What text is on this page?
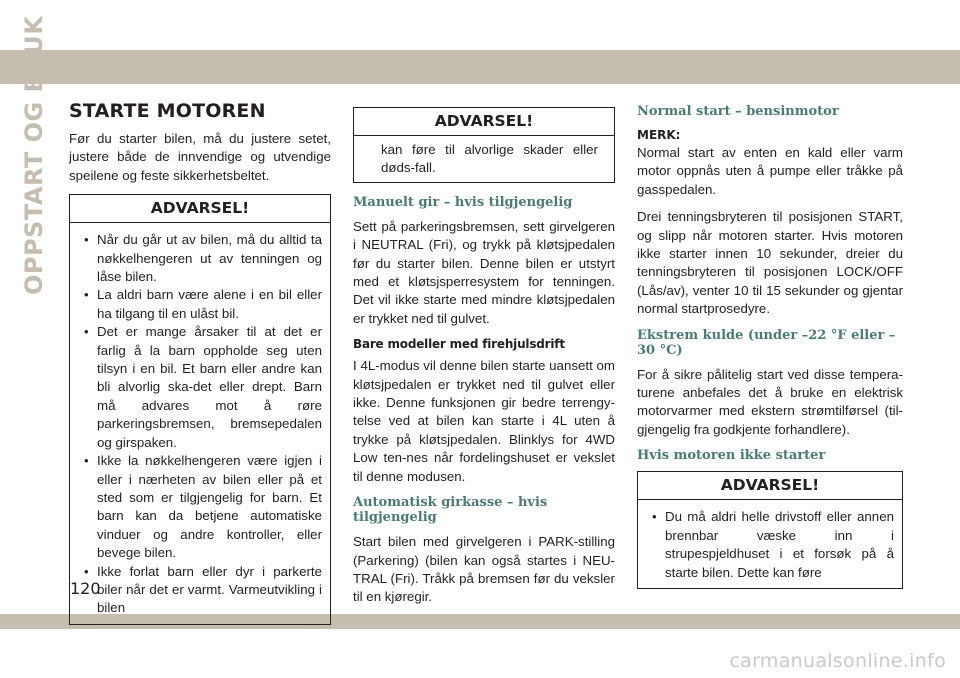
OPPSTART OG BRUK STARTE MOTOREN

Før du starter bilen, må du justere setet, justere både de innvendige og utvendige speilene og feste sikkerhetsbeltet.

ADVARSEL!
• Når du går ut av bilen, må du alltid ta nøkkelhengeren ut av tenningen og låse bilen.
• La aldri barn være alene i en bil eller ha tilgang til en ulåst bil.
• Det er mange årsaker til at det er farlig å la barn oppholde seg uten tilsyn i en bil. Et barn eller andre kan bli alvorlig ska-det eller drept. Barn må advares mot å røre parkeringsbremsen, bremsepedalen og girspaken.
• Ikke la nøkkelhengeren være igjen i eller i nærheten av bilen eller på et sted som er tilgjengelig for barn. Et barn kan da betjene automatiske vinduer og andre kontroller, eller bevege bilen.
• Ikke forlat barn eller dyr i parkerte biler når det er varmt. Varmeutvikling i bilen
ADVARSEL!

kan føre til alvorlige skader eller døds-fall.

Manuelt gir – hvis tilgjengelig

Sett på parkeringsbremsen, sett girvelgeren i NEUTRAL (Fri), og trykk på kløtsjpedalen før du starter bilen. Denne bilen er utstyrt med et kløtsjsperresystem for tenningen. Det vil ikke starte med mindre kløtsjpedalen er trykket ned til gulvet.

Bare modeller med firehjulsdrift

I 4L-modus vil denne bilen starte uansett om kløtsjpedalen er trykket ned til gulvet eller ikke. Denne funksjonen gir bedre terrengy-telse ved at bilen kan starte i 4L uten å trykke på kløtsjpedalen. Blinklys for 4WD Low ten-nes når fordelingshuset er vekslet til denne modusen.

Automatisk girkasse – hvis tilgjengelig

Start bilen med girvelgeren i PARK-stilling (Parkering) (bilen kan også startes i NEU-TRAL (Fri). Tråkk på bremsen før du veksler til en kjøregir.

Normal start – bensinmotor
MERK:

Normal start av enten en kald eller varm motor oppnås uten å pumpe eller tråkke på gasspedalen.

Drei tenningsbryteren til posisjonen START, og slipp når motoren starter. Hvis motoren ikke starter innen 10 sekunder, dreier du tenningsbryteren til posisjonen LOCK/OFF (Lås/av), venter 10 til 15 sekunder og gjentar normal startprosedyre.

Ekstrem kulde (under –22 °F eller –30 °C)

For å sikre pålitelig start ved disse tempera-turene anbefales det å bruke en elektrisk motorvarmer med ekstern strømtilførsel (til-gjengelig fra godkjente forhandlere).

Hvis motoren ikke starter
ADVARSEL!
• Du må aldri helle drivstoff eller annen brennbar væske inn i strupespjeldhuset i et forsøk på å starte bilen. Dette kan føre
120
carmanualsonline.info
